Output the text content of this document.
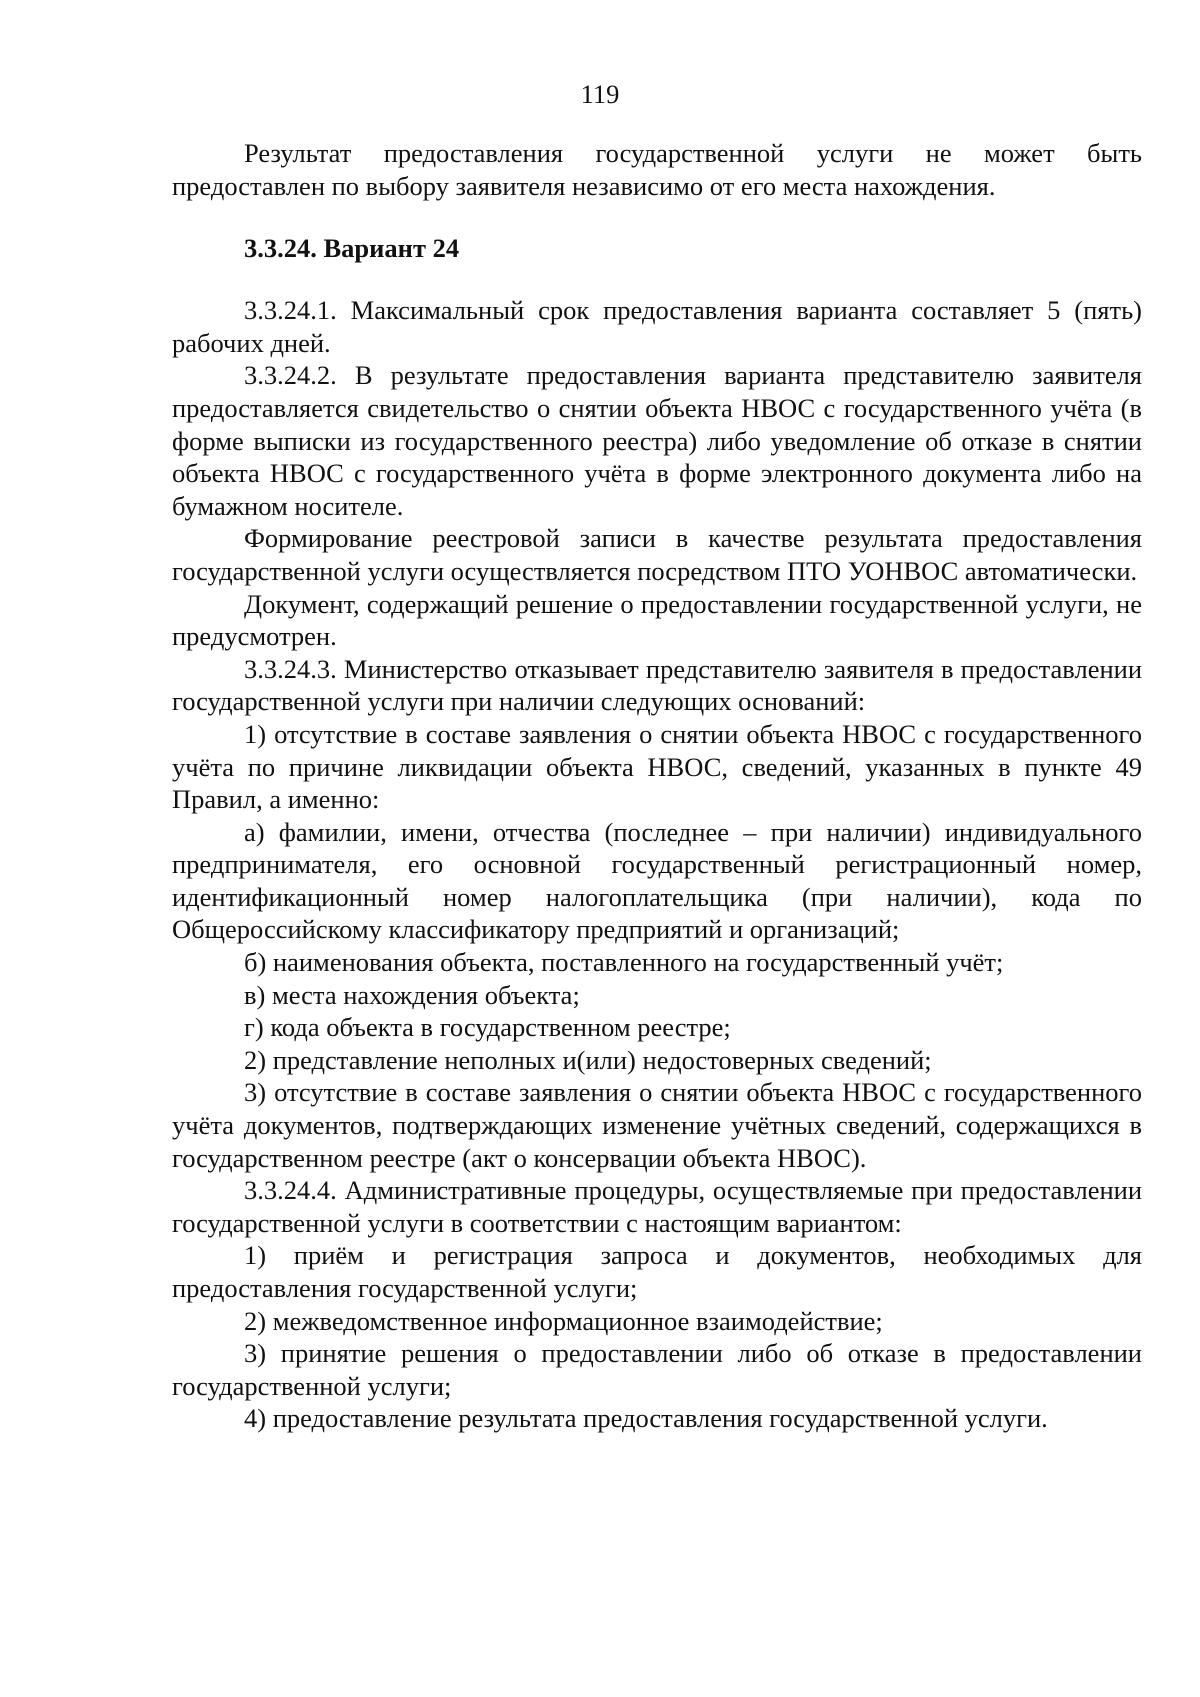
119

Результат предоставления государственной услуги не может быть предоставлен по выбору заявителя независимо от его места нахождения.

3.3.24. Вариант 24

3.3.24.1. Максимальный срок предоставления варианта составляет 5 (пять) рабочих дней.

3.3.24.2. В результате предоставления варианта представителю заявителя предоставляется свидетельство о снятии объекта НВОС с государственного учёта (в форме выписки из государственного реестра) либо уведомление об отказе в снятии объекта НВОС с государственного учёта в форме электронного документа либо на бумажном носителе.

Формирование реестровой записи в качестве результата предоставления государственной услуги осуществляется посредством ПТО УОНВОС автоматически.

Документ, содержащий решение о предоставлении государственной услуги, не предусмотрен.

3.3.24.3. Министерство отказывает представителю заявителя в предоставлении государственной услуги при наличии следующих оснований:

1) отсутствие в составе заявления о снятии объекта НВОС с государственного учёта по причине ликвидации объекта НВОС, сведений, указанных в пункте 49 Правил, а именно:

а) фамилии, имени, отчества (последнее – при наличии) индивидуального предпринимателя, его основной государственный регистрационный номер, идентификационный номер налогоплательщика (при наличии), кода по Общероссийскому классификатору предприятий и организаций;

б) наименования объекта, поставленного на государственный учёт;

в) места нахождения объекта;

г) кода объекта в государственном реестре;

2) представление неполных и(или) недостоверных сведений;

3) отсутствие в составе заявления о снятии объекта НВОС с государственного учёта документов, подтверждающих изменение учётных сведений, содержащихся в государственном реестре (акт о консервации объекта НВОС).

3.3.24.4. Административные процедуры, осуществляемые при предоставлении государственной услуги в соответствии с настоящим вариантом:

1) приём и регистрация запроса и документов, необходимых для предоставления государственной услуги;

2) межведомственное информационное взаимодействие;

3) принятие решения о предоставлении либо об отказе в предоставлении государственной услуги;

4) предоставление результата предоставления государственной услуги.
